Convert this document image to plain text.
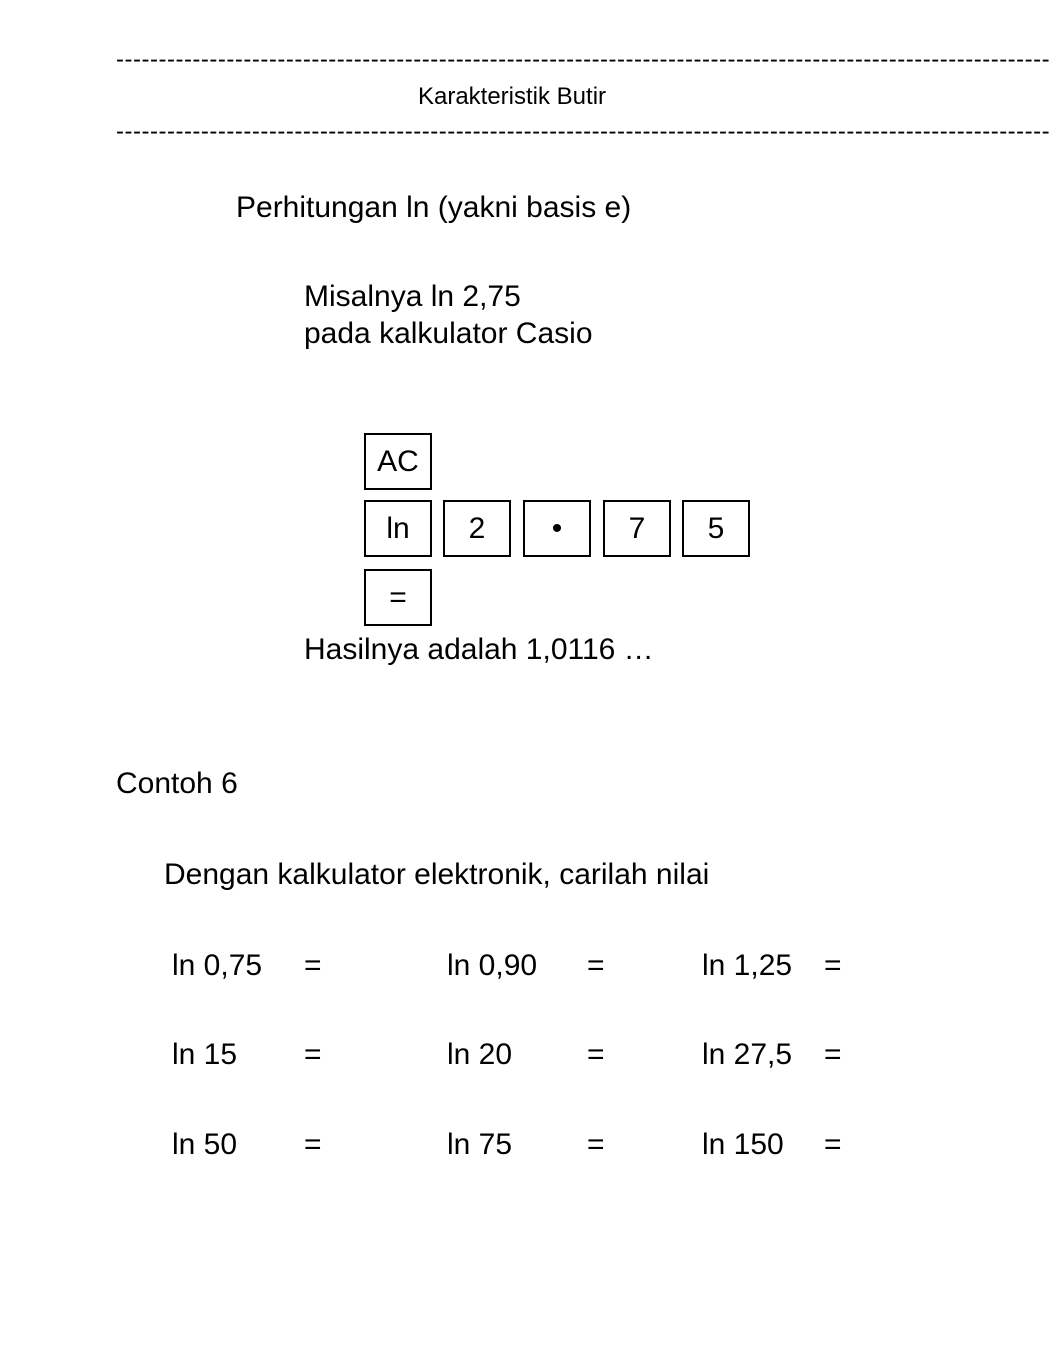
--------------------------------------------------------------------------------------------------------------
Karakteristik Butir
--------------------------------------------------------------------------------------------------------------
Perhitungan ln (yakni basis e)
Misalnya ln 2,75
pada kalkulator Casio
AC
ln	2	•	7	5
=
Hasilnya adalah 1,0116 …
Contoh 6
Dengan kalkulator elektronik, carilah nilai
ln 0,75 =	ln 0,90 =	ln 1,25 =
ln 15 =	ln 20 =	ln 27,5 =
ln 50 =	ln 75 =	ln 150 =
